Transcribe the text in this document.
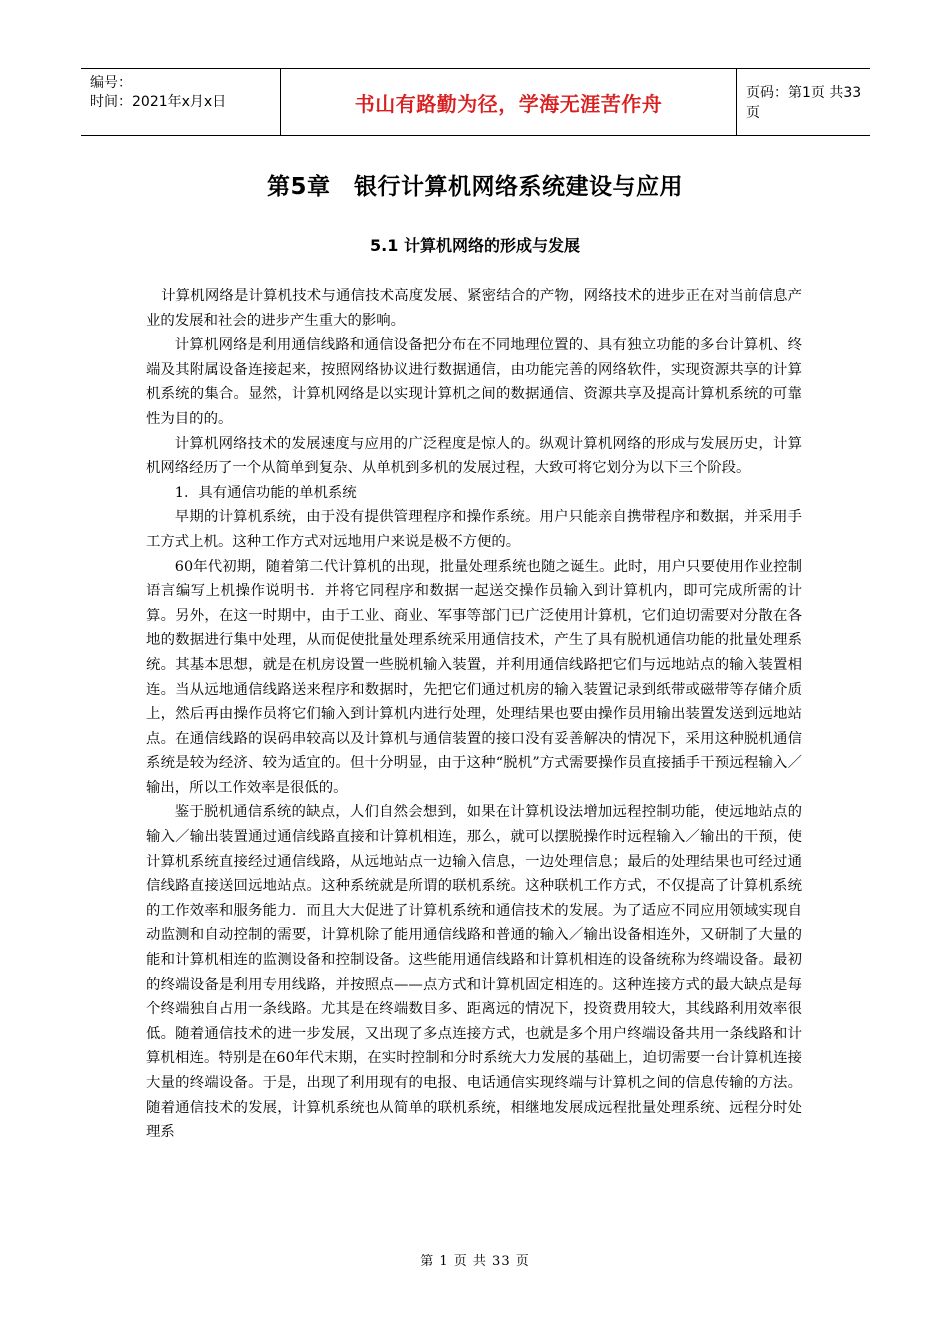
编号：
时间：2021年x月x日	书山有路勤为径，学海无涯苦作舟	页码：第1页 共33页
第5章　银行计算机网络系统建设与应用
5.1 计算机网络的形成与发展

计算机网络是计算机技术与通信技术高度发展、紧密结合的产物，网络技术的进步正在对当前信息产业的发展和社会的进步产生重大的影响。

计算机网络是利用通信线路和通信设备把分布在不同地理位置的、具有独立功能的多台计算机、终端及其附属设备连接起来，按照网络协议进行数据通信，由功能完善的网络软件，实现资源共享的计算机系统的集合。显然，计算机网络是以实现计算机之间的数据通信、资源共享及提高计算机系统的可靠性为目的的。

计算机网络技术的发展速度与应用的广泛程度是惊人的。纵观计算机网络的形成与发展历史，计算机网络经历了一个从简单到复杂、从单机到多机的发展过程，大致可将它划分为以下三个阶段。

1．具有通信功能的单机系统

早期的计算机系统，由于没有提供管理程序和操作系统。用户只能亲自携带程序和数据，并采用手工方式上机。这种工作方式对远地用户来说是极不方便的。

60年代初期，随着第二代计算机的出现，批量处理系统也随之诞生。此时，用户只要使用作业控制语言编写上机操作说明书．并将它同程序和数据一起送交操作员输入到计算机内，即可完成所需的计算。另外，在这一时期中，由于工业、商业、军事等部门已广泛使用计算机，它们迫切需要对分散在各地的数据进行集中处理，从而促使批量处理系统采用通信技术，产生了具有脱机通信功能的批量处理系统。其基本思想，就是在机房设置一些脱机输入装置，并利用通信线路把它们与远地站点的输入装置相连。当从远地通信线路送来程序和数据时，先把它们通过机房的输入装置记录到纸带或磁带等存储介质上，然后再由操作员将它们输入到计算机内进行处理，处理结果也要由操作员用输出装置发送到远地站点。在通信线路的误码串较高以及计算机与通信装置的接口没有妥善解决的情况下，采用这种脱机通信系统是较为经济、较为适宜的。但十分明显，由于这种“脱机”方式需要操作员直接插手干预远程输入／输出，所以工作效率是很低的。

鉴于脱机通信系统的缺点，人们自然会想到，如果在计算机设法增加远程控制功能，使远地站点的输入／输出装置通过通信线路直接和计算机相连，那么，就可以摆脱操作时远程输入／输出的干预，使计算机系统直接经过通信线路，从远地站点一边输入信息，一边处理信息；最后的处理结果也可经过通信线路直接送回远地站点。这种系统就是所谓的联机系统。这种联机工作方式，不仅提高了计算机系统的工作效率和服务能力．而且大大促进了计算机系统和通信技术的发展。为了适应不同应用领域实现自动监测和自动控制的需要，计算机除了能用通信线路和普通的输入／输出设备相连外，又研制了大量的能和计算机相连的监测设备和控制设备。这些能用通信线路和计算机相连的设备统称为终端设备。最初的终端设备是利用专用线路，并按照点——点方式和计算机固定相连的。这种连接方式的最大缺点是每个终端独自占用一条线路。尤其是在终端数目多、距离远的情况下，投资费用较大，其线路利用效率很低。随着通信技术的进一步发展，又出现了多点连接方式，也就是多个用户终端设备共用一条线路和计算机相连。特别是在60年代末期，在实时控制和分时系统大力发展的基础上，迫切需要一台计算机连接大量的终端设备。于是，出现了利用现有的电报、电话通信实现终端与计算机之间的信息传输的方法。随着通信技术的发展，计算机系统也从简单的联机系统，相继地发展成远程批量处理系统、远程分时处理系

第 1 页 共 33 页
